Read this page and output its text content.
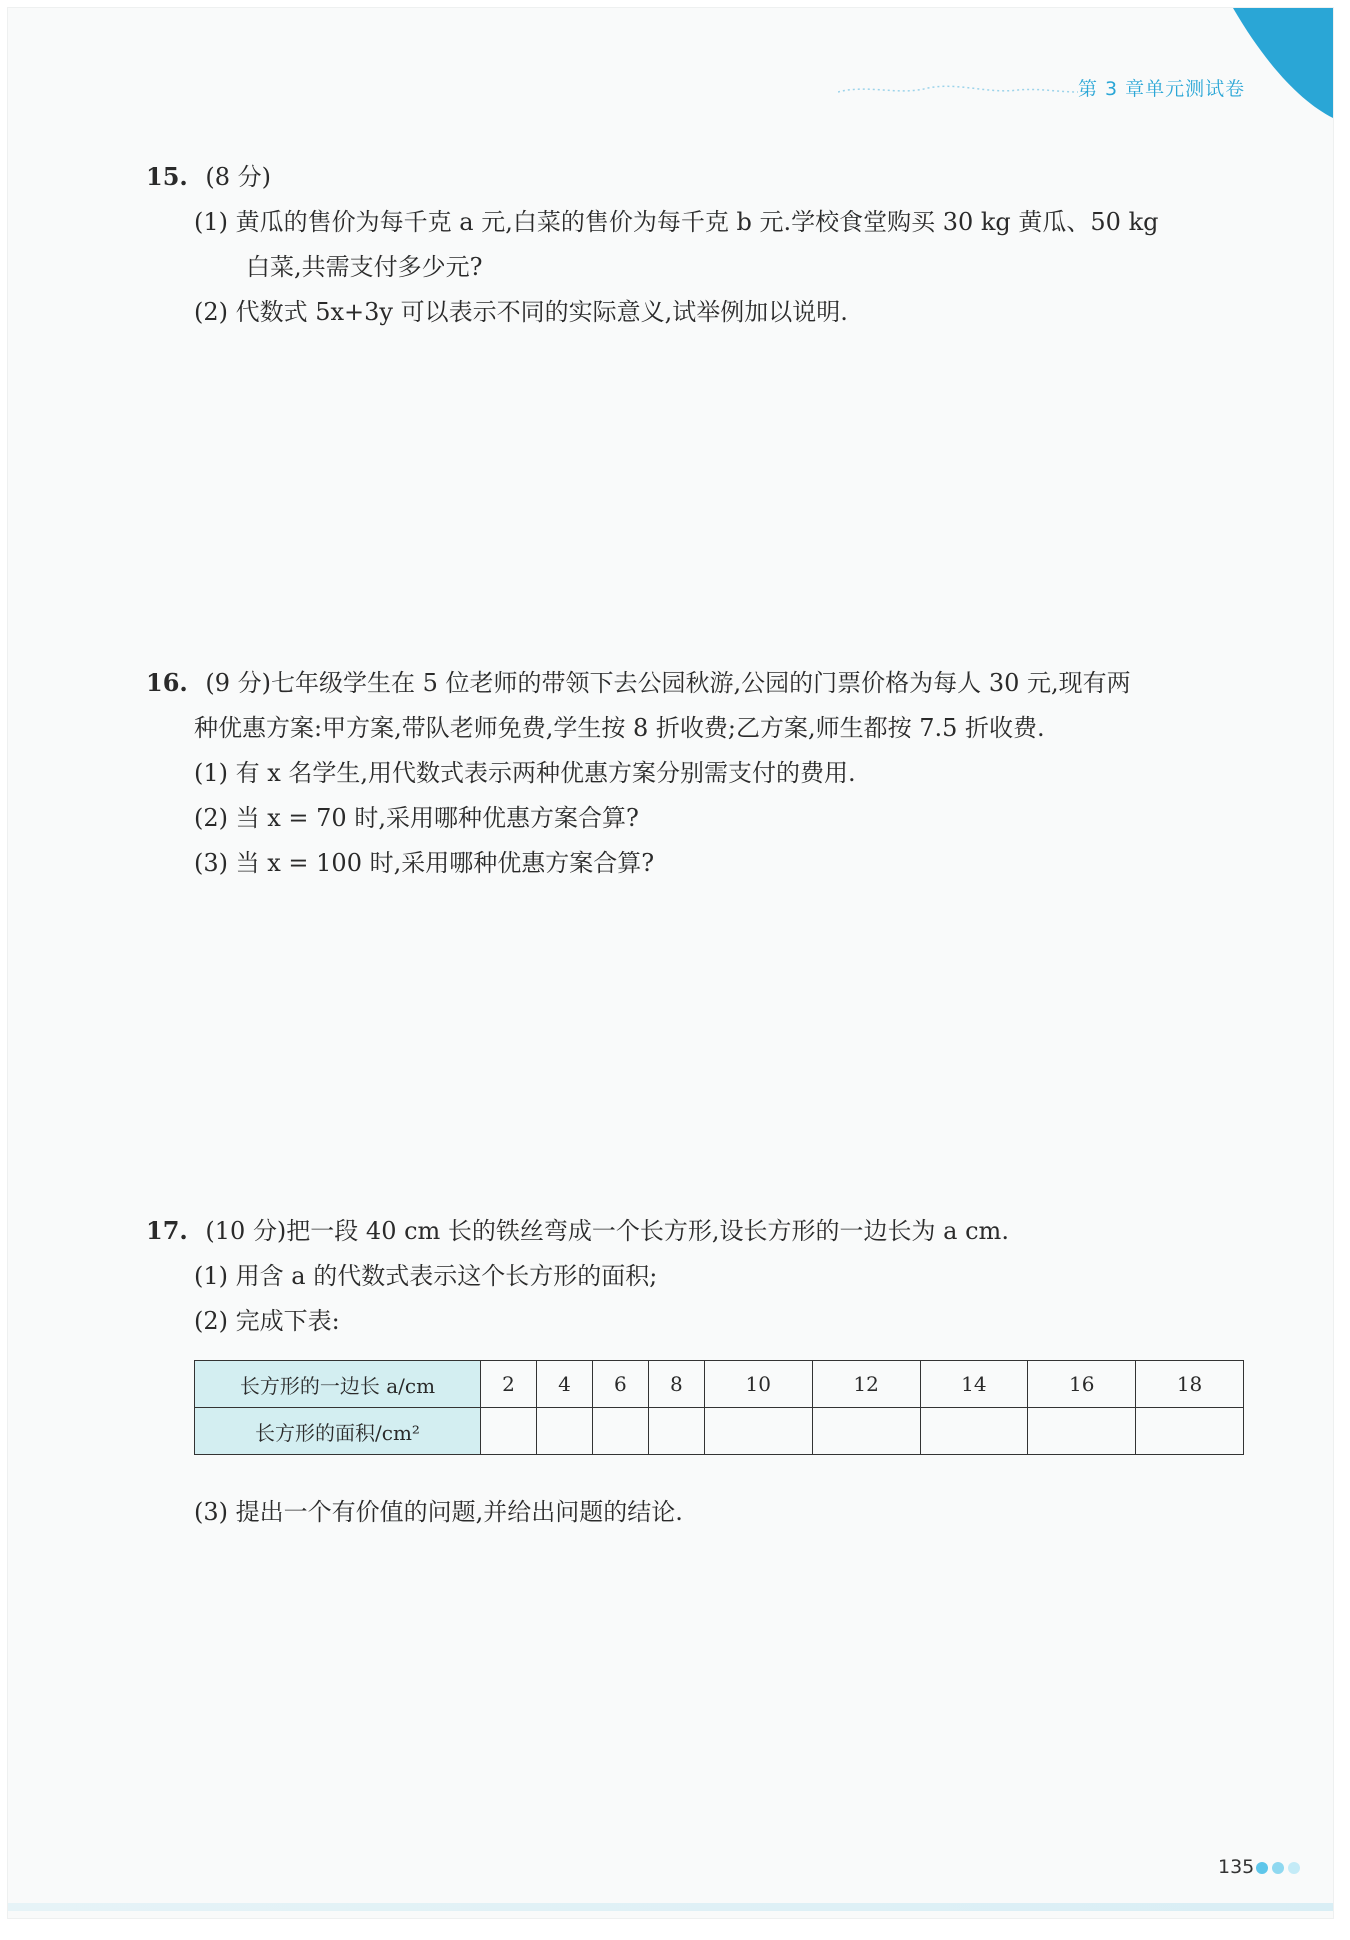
第 3 章单元测试卷
15. (8 分)
(1) 黄瓜的售价为每千克 a 元,白菜的售价为每千克 b 元.学校食堂购买 30 kg 黄瓜、50 kg
白菜,共需支付多少元?
(2) 代数式 5x+3y 可以表示不同的实际意义,试举例加以说明.
16. (9 分)七年级学生在 5 位老师的带领下去公园秋游,公园的门票价格为每人 30 元,现有两
种优惠方案:甲方案,带队老师免费,学生按 8 折收费;乙方案,师生都按 7.5 折收费.
(1) 有 x 名学生,用代数式表示两种优惠方案分别需支付的费用.
(2) 当 x = 70 时,采用哪种优惠方案合算?
(3) 当 x = 100 时,采用哪种优惠方案合算?
17. (10 分)把一段 40 cm 长的铁丝弯成一个长方形,设长方形的一边长为 a cm.
(1) 用含 a 的代数式表示这个长方形的面积;
(2) 完成下表:
长方形的一边长 a/cm	2	4	6	8	10	12	14	16	18
长方形的面积/cm²									
(3) 提出一个有价值的问题,并给出问题的结论.
135
